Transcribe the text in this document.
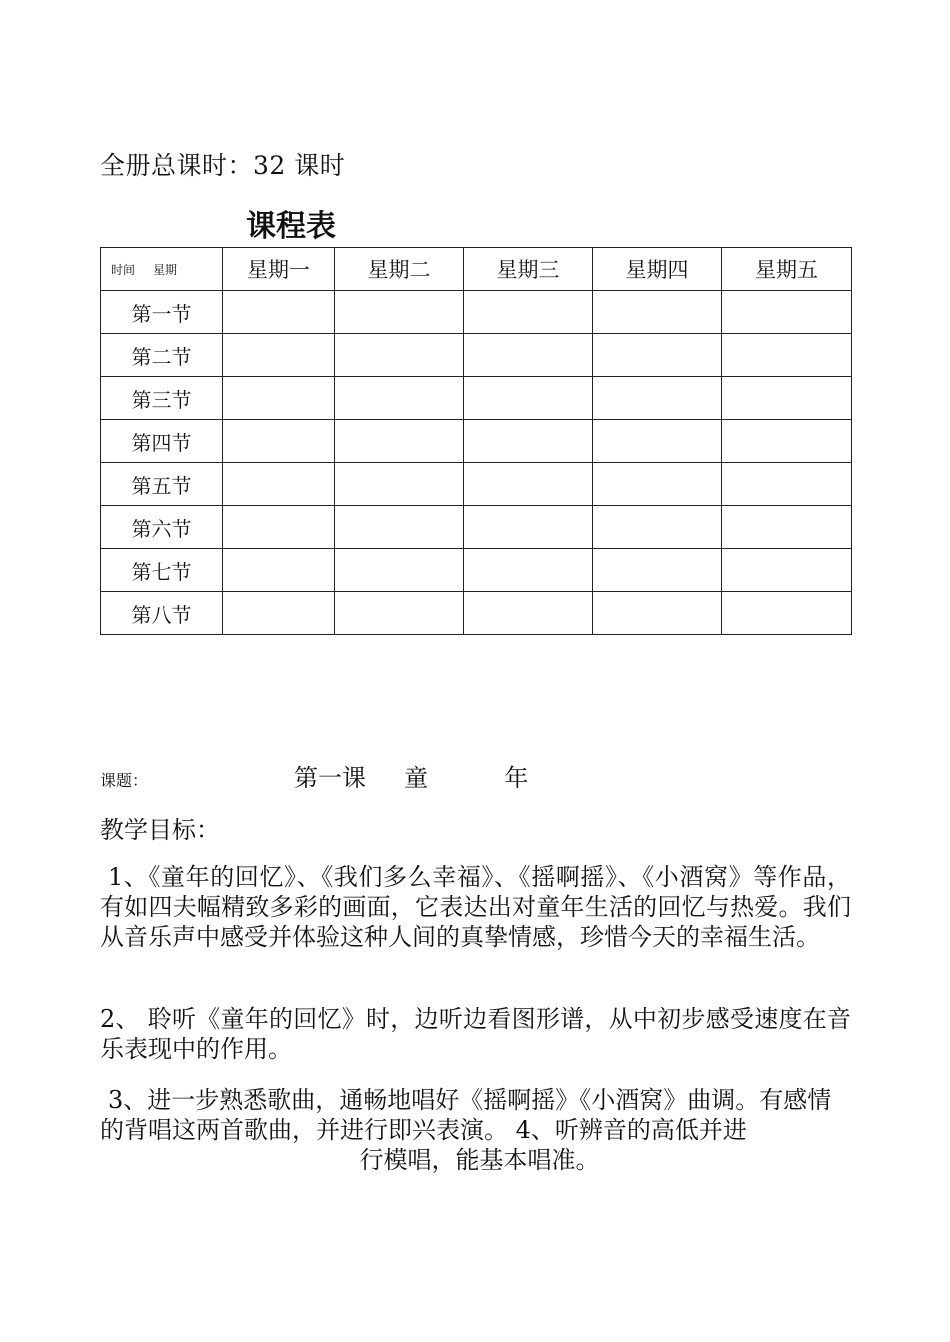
全册总课时：32 课时
课程表
时间 星期	星期一	星期二	星期三	星期四	星期五
第一节					
第二节					
第三节					
第四节					
第五节					
第六节					
第七节					
第八节					
课题：	第一课     童          年
教学目标：
1、《童年的回忆》、《我们多么幸福》、《摇啊摇》、《小酒窝》等作品，有如四夫幅精致多彩的画面，它表达出对童年生活的回忆与热爱。我们从音乐声中感受并体验这种人间的真挚情感，珍惜今天的幸福生活。
2、 聆听《童年的回忆》时，边听边看图形谱，从中初步感受速度在音乐表现中的作用。
3、进一步熟悉歌曲，通畅地唱好《摇啊摇》《小酒窝》曲调。有感情的背唱这两首歌曲，并进行即兴表演。 4、听辨音的高低并进
行模唱，能基本唱准。
